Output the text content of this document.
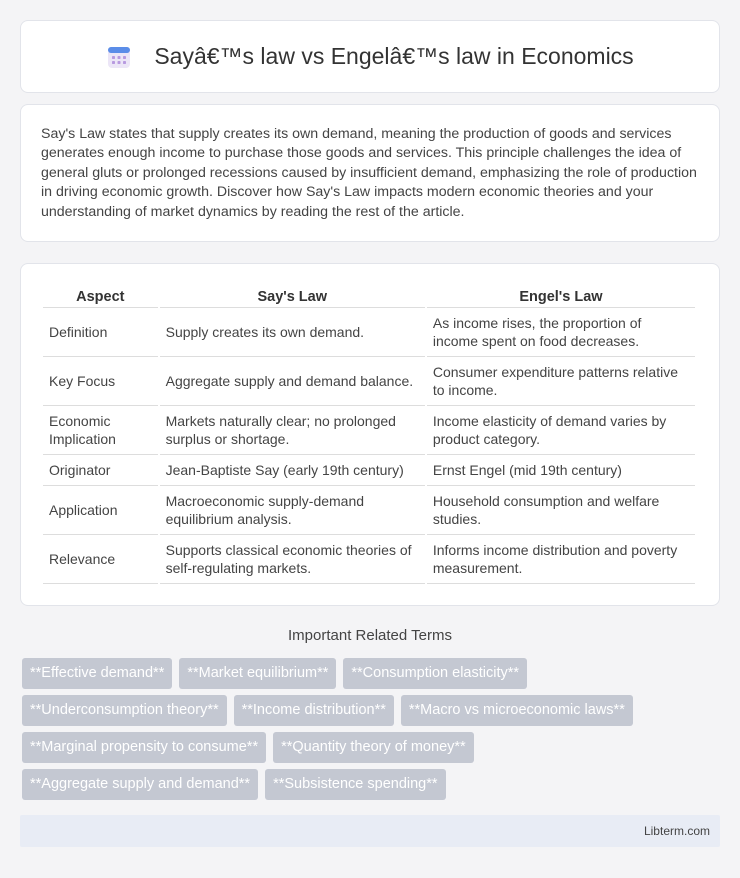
Sayâ€™s law vs Engelâ€™s law in Economics

Say's Law states that supply creates its own demand, meaning the production of goods and services generates enough income to purchase those goods and services. This principle challenges the idea of general gluts or prolonged recessions caused by insufficient demand, emphasizing the role of production in driving economic growth. Discover how Say's Law impacts modern economic theories and your understanding of market dynamics by reading the rest of the article.

Aspect	Say's Law	Engel's Law
Definition	Supply creates its own demand.	As income rises, the proportion of income spent on food decreases.
Key Focus	Aggregate supply and demand balance.	Consumer expenditure patterns relative to income.
Economic Implication	Markets naturally clear; no prolonged surplus or shortage.	Income elasticity of demand varies by product category.
Originator	Jean-Baptiste Say (early 19th century)	Ernst Engel (mid 19th century)
Application	Macroeconomic supply-demand equilibrium analysis.	Household consumption and welfare studies.
Relevance	Supports classical economic theories of self-regulating markets.	Informs income distribution and poverty measurement.
Important Related Terms
**Effective demand**	**Market equilibrium**	**Consumption elasticity**
**Underconsumption theory**	**Income distribution**	**Macro vs microeconomic laws**
**Marginal propensity to consume**	**Quantity theory of money**
**Aggregate supply and demand**	**Subsistence spending**
Libterm.com
